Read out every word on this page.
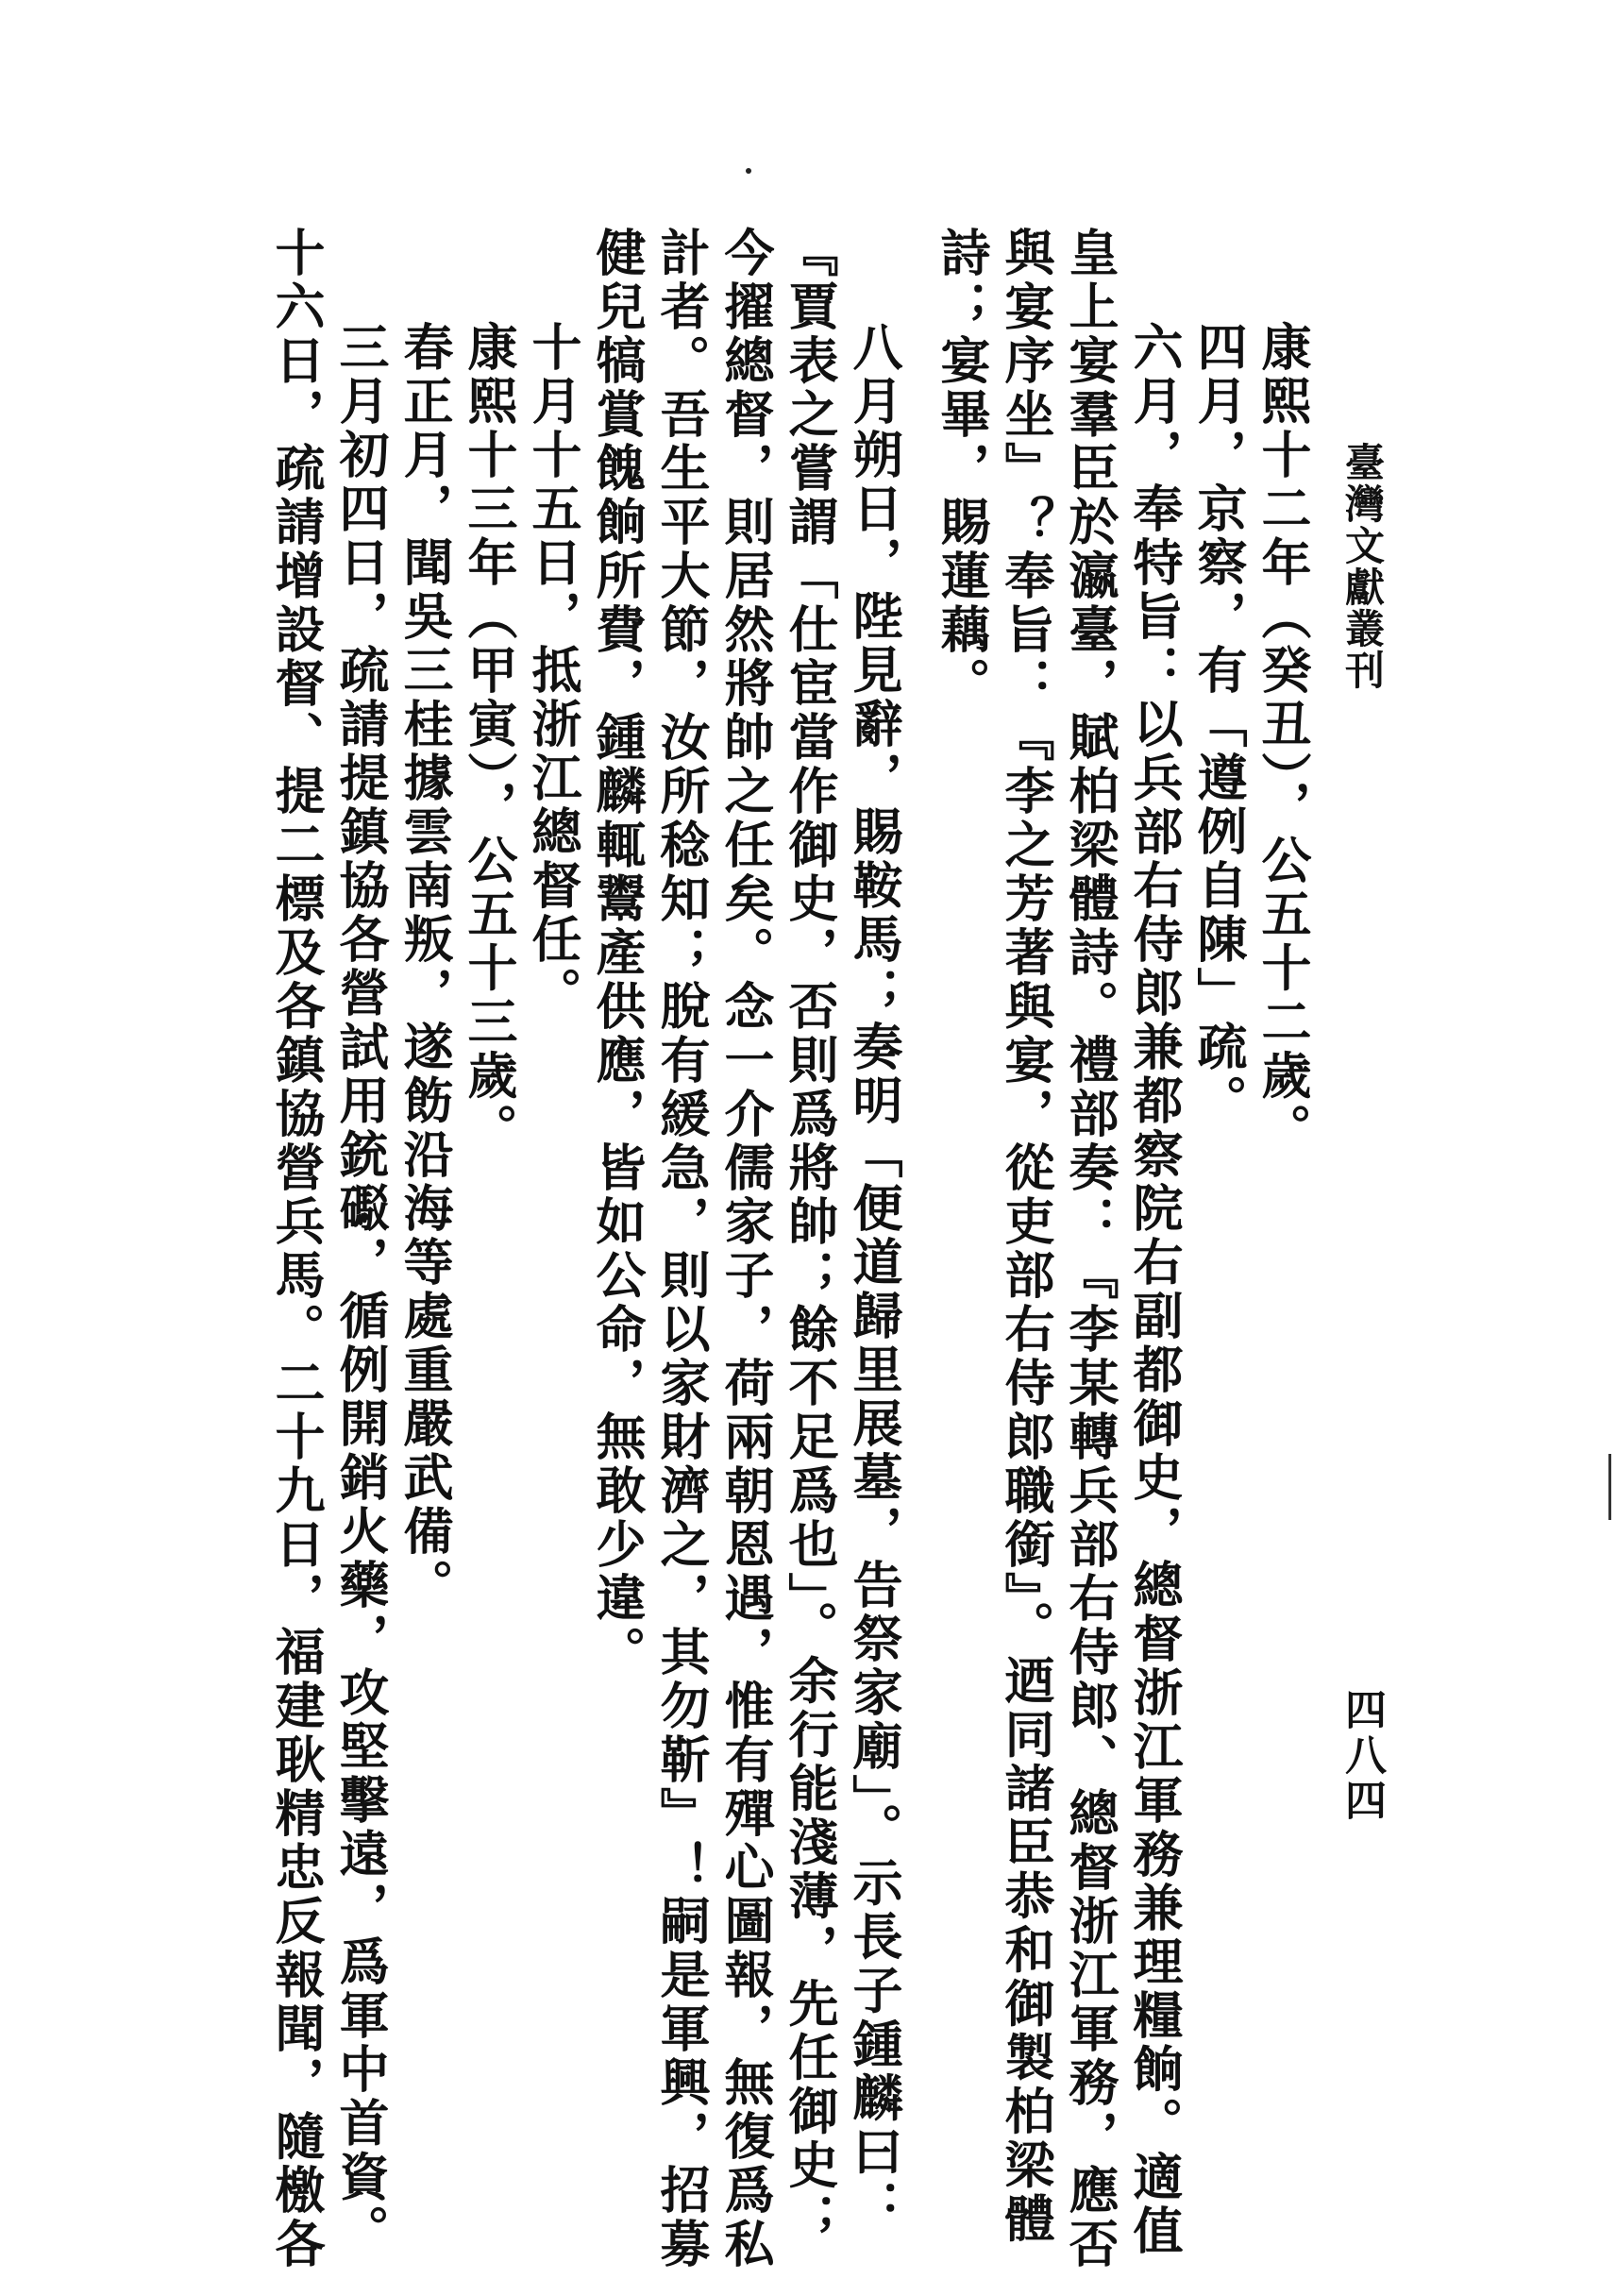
臺灣文獻叢刊
四八四
康熙十二年（癸丑），公五十二歲。
四月，京察，有「遵例自陳」疏。
六月，奉特旨：以兵部右侍郎兼都察院右副都御史，總督浙江軍務兼理糧餉。適值
皇上宴羣臣於瀛臺，賦柏梁體詩。禮部奏：『李某轉兵部右侍郎、總督浙江軍務，應否
與宴序坐』？奉旨：『李之芳著與宴，從吏部右侍郎職銜』。迺同諸臣恭和御製柏梁體
詩；宴畢，賜蓮藕。
八月朔日，陛見辭，賜鞍馬；奏明「便道歸里展墓，告祭家廟」。示長子鍾麟曰：
『賈表之嘗謂「仕宦當作御史，否則爲將帥；餘不足爲也」。余行能淺薄，先任御史；
今擢總督，則居然將帥之任矣。念一介儒家子，荷兩朝恩遇，惟有殫心圖報，無復爲私
計者。吾生平大節，汝所稔知；脫有緩急，則以家財濟之，其勿靳』！嗣是軍興，招募
健兒犒賞餽餉所費，鍾麟輒鬻產供應，皆如公命，無敢少違。
十月十五日，抵浙江總督任。
康熙十三年（甲寅），公五十三歲。
春正月，聞吳三桂據雲南叛，遂飭沿海等處重嚴武備。
三月初四日，疏請提鎮協各營試用銃礟，循例開銷火藥，攻堅擊遠，爲軍中首資。
十六日，疏請增設督、提二標及各鎮協營兵馬。二十九日，福建耿精忠反報聞，隨檄各
